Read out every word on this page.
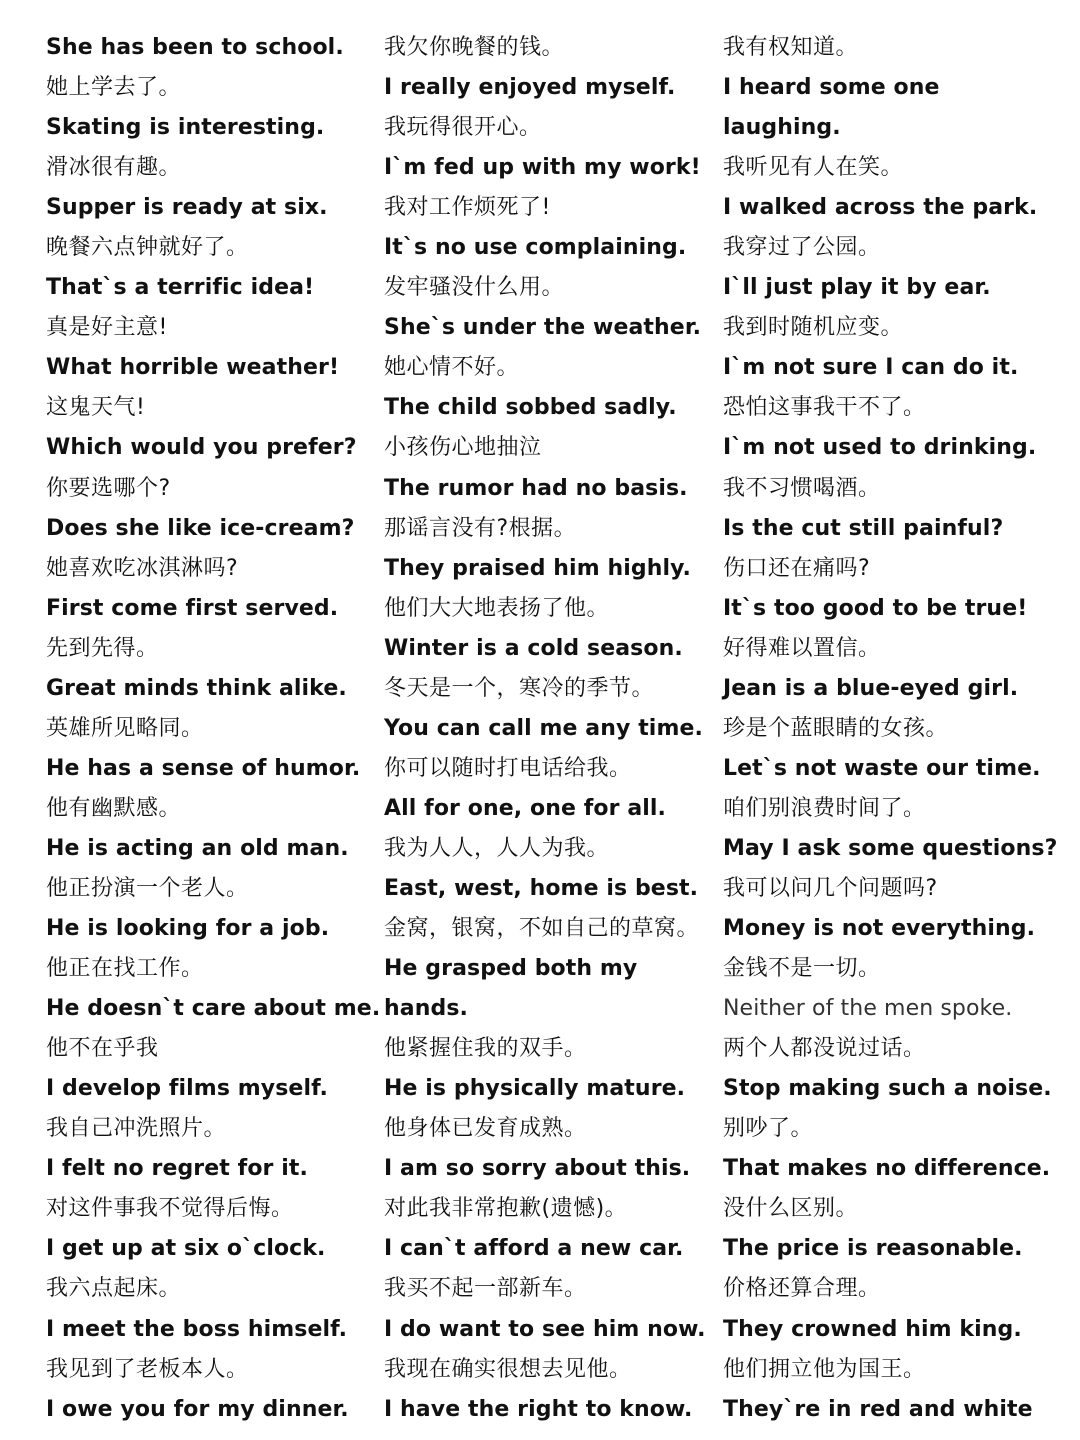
She has been to school.
她上学去了。
Skating is interesting.
滑冰很有趣。
Supper is ready at six.
晚餐六点钟就好了。
That`s a terrific idea!
真是好主意!
What horrible weather!
这鬼天气!
Which would you prefer?
你要选哪个?
Does she like ice-cream?
她喜欢吃冰淇淋吗?
First come first served.
先到先得。
Great minds think alike.
英雄所见略同。
He has a sense of humor.
他有幽默感。
He is acting an old man.
他正扮演一个老人。
He is looking for a job.
他正在找工作。
He doesn`t care about me.
他不在乎我
I develop films myself.
我自己冲洗照片。
I felt no regret for it.
对这件事我不觉得后悔。
I get up at six o`clock.
我六点起床。
I meet the boss himself.
我见到了老板本人。
I owe you for my dinner.
我欠你晚餐的钱。
I really enjoyed myself.
我玩得很开心。
I`m fed up with my work!
我对工作烦死了!
It`s no use complaining.
发牢骚没什么用。
She`s under the weather.
她心情不好。
The child sobbed sadly.
小孩伤心地抽泣
The rumor had no basis.
那谣言没有?根据。
They praised him highly.
他们大大地表扬了他。
Winter is a cold season.
冬天是一个，寒冷的季节。
You can call me any time.
你可以随时打电话给我。
All for one, one for all.
我为人人，人人为我。
East, west, home is best.
金窝，银窝，不如自己的草窝。
He grasped both my
hands.
他紧握住我的双手。
He is physically mature.
他身体已发育成熟。
I am so sorry about this.
对此我非常抱歉(遗憾)。
I can`t afford a new car.
我买不起一部新车。
I do want to see him now.
我现在确实很想去见他。
I have the right to know.
我有权知道。
I heard some one
laughing.
我听见有人在笑。
I walked across the park.
我穿过了公园。
I`ll just play it by ear.
我到时随机应变。
I`m not sure I can do it.
恐怕这事我干不了。
I`m not used to drinking.
我不习惯喝酒。
Is the cut still painful?
伤口还在痛吗?
It`s too good to be true!
好得难以置信。
Jean is a blue-eyed girl.
珍是个蓝眼睛的女孩。
Let`s not waste our time.
咱们别浪费时间了。
May I ask some questions?
我可以问几个问题吗?
Money is not everything.
金钱不是一切。
Neither of the men spoke.
两个人都没说过话。
Stop making such a noise.
别吵了。
That makes no difference.
没什么区别。
The price is reasonable.
价格还算合理。
They crowned him king.
他们拥立他为国王。
They`re in red and white
